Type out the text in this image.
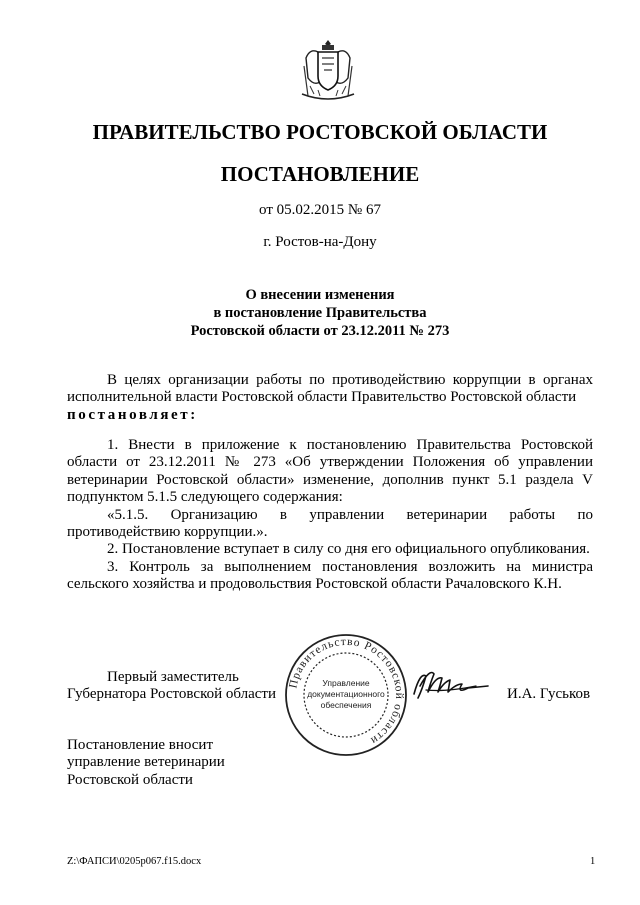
ПРАВИТЕЛЬСТВО РОСТОВСКОЙ ОБЛАСТИ
ПОСТАНОВЛЕНИЕ
от 05.02.2015 № 67
г. Ростов-на-Дону
О внесении изменения
в постановление Правительства
Ростовской области от 23.12.2011 № 273

В целях организации работы по противодействию коррупции в органах исполнительной власти Ростовской области Правительство Ростовской области

постановляет:

1. Внести в приложение к постановлению Правительства Ростовской области от 23.12.2011 № 273 «Об утверждении Положения об управлении ветеринарии Ростовской области» изменение, дополнив пункт 5.1 раздела V подпунктом 5.1.5 следующего содержания:

«5.1.5. Организацию в управлении ветеринарии работы по противодействию коррупции.».

2. Постановление вступает в силу со дня его официального опубликования.

3. Контроль за выполнением постановления возложить на министра сельского хозяйства и продовольствия Ростовской области Рачаловского К.Н.

Первый заместитель
Губернатора Ростовской области
Правительство Ростовской области
Управление
документационного
обеспечения
И.А. Гуськов
Постановление вносит
управление ветеринарии
Ростовской области
Z:\ФАПСИ\0205р067.f15.docx	1
